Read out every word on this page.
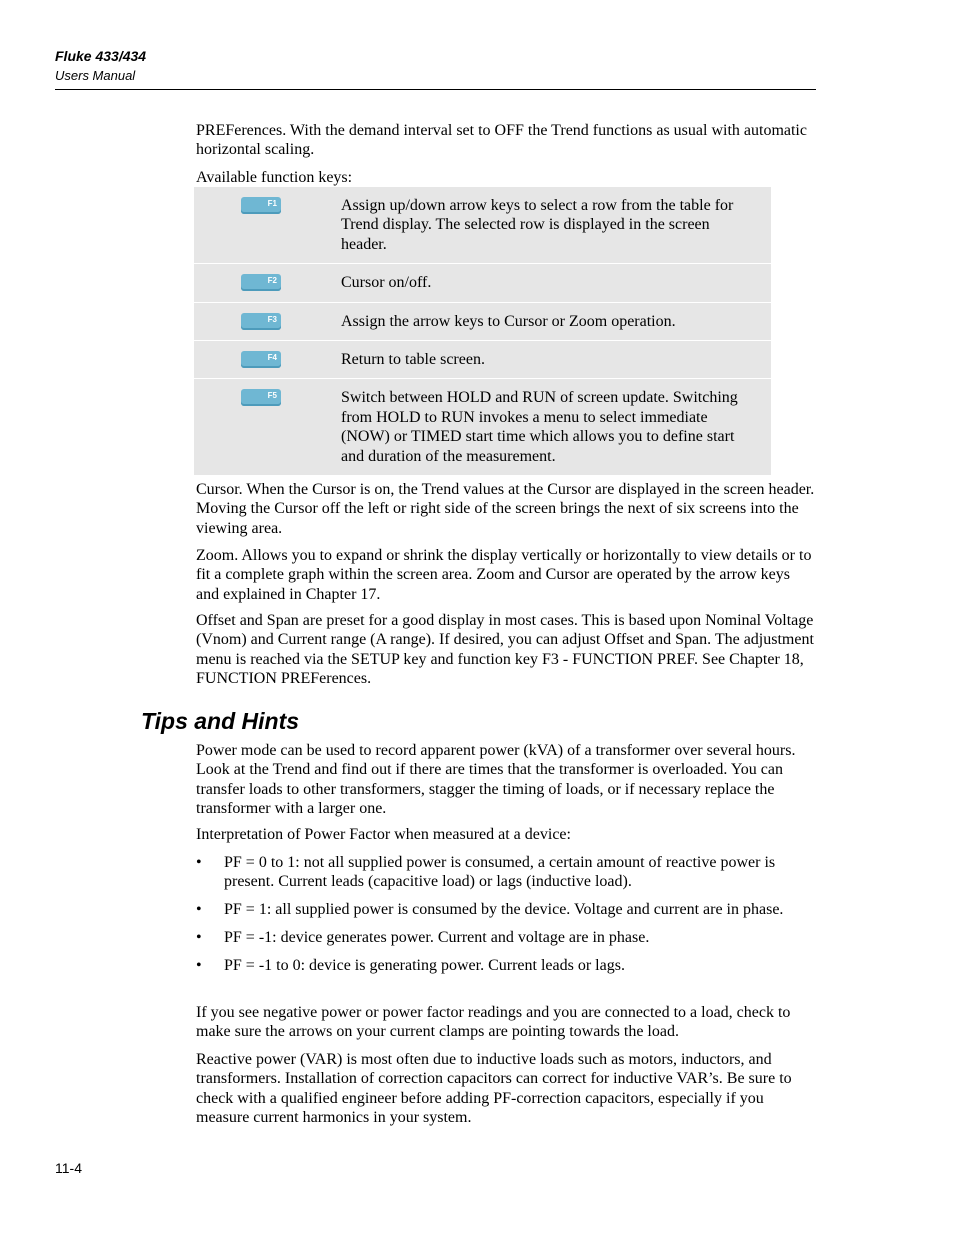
Fluke 433/434
Users Manual

PREFerences. With the demand interval set to OFF the Trend functions as usual with automatic horizontal scaling.

Available function keys:

F1	Assign up/down arrow keys to select a row from the table for Trend display. The selected row is displayed in the screen header.

F2	Cursor on/off.

F3	Assign the arrow keys to Cursor or Zoom operation.

F4	Return to table screen.

F5	Switch between HOLD and RUN of screen update. Switching from HOLD to RUN invokes a menu to select immediate (NOW) or TIMED start time which allows you to define start and duration of the measurement.

Cursor. When the Cursor is on, the Trend values at the Cursor are displayed in the screen header. Moving the Cursor off the left or right side of the screen brings the next of six screens into the viewing area.

Zoom. Allows you to expand or shrink the display vertically or horizontally to view details or to fit a complete graph within the screen area. Zoom and Cursor are operated by the arrow keys and explained in Chapter 17.

Offset and Span are preset for a good display in most cases. This is based upon Nominal Voltage (Vnom) and Current range (A range). If desired, you can adjust Offset and Span. The adjustment menu is reached via the SETUP key and function key F3 - FUNCTION PREF. See Chapter 18, FUNCTION PREFerences.

Tips and Hints

Power mode can be used to record apparent power (kVA) of a transformer over several hours. Look at the Trend and find out if there are times that the transformer is overloaded. You can transfer loads to other transformers, stagger the timing of loads, or if necessary replace the transformer with a larger one.

Interpretation of Power Factor when measured at a device:

• PF = 0 to 1: not all supplied power is consumed, a certain amount of reactive power is present. Current leads (capacitive load) or lags (inductive load).
• PF = 1: all supplied power is consumed by the device. Voltage and current are in phase.
• PF = -1: device generates power. Current and voltage are in phase.
• PF = -1 to 0: device is generating power. Current leads or lags.

If you see negative power or power factor readings and you are connected to a load, check to make sure the arrows on your current clamps are pointing towards the load.

Reactive power (VAR) is most often due to inductive loads such as motors, inductors, and transformers. Installation of correction capacitors can correct for inductive VAR’s. Be sure to check with a qualified engineer before adding PF-correction capacitors, especially if you measure current harmonics in your system.

11-4
